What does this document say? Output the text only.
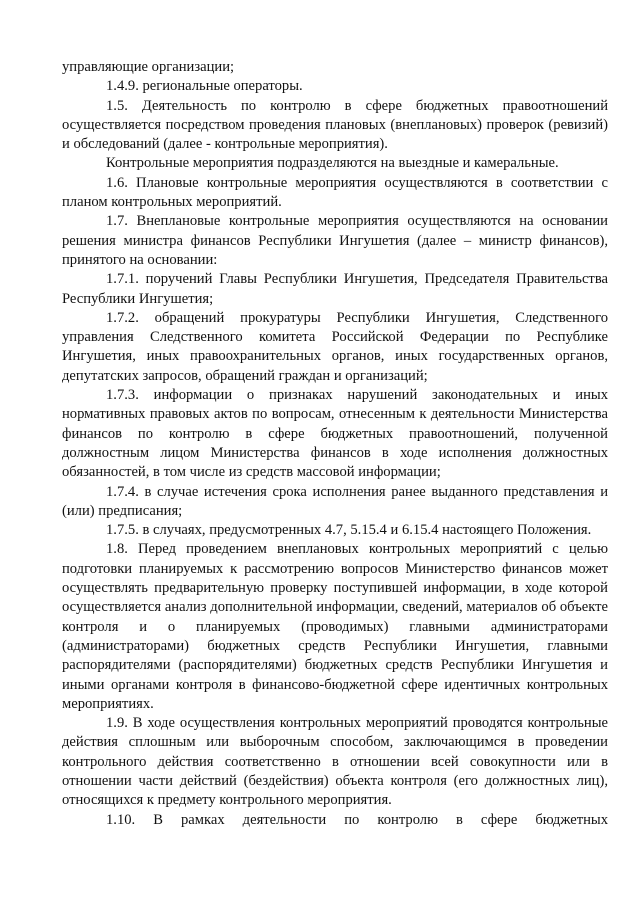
управляющие организации;

1.4.9. региональные операторы.

1.5. Деятельность по контролю в сфере бюджетных правоотношений осуществляется посредством проведения плановых (внеплановых) проверок (ревизий) и обследований (далее - контрольные мероприятия).

Контрольные мероприятия подразделяются на выездные и камеральные.

1.6. Плановые контрольные мероприятия осуществляются в соответствии с планом контрольных мероприятий.

1.7. Внеплановые контрольные мероприятия осуществляются на основании решения министра финансов Республики Ингушетия (далее – министр финансов), принятого на основании:

1.7.1. поручений Главы Республики Ингушетия, Председателя Правительства Республики Ингушетия;

1.7.2. обращений прокуратуры Республики Ингушетия, Следственного управления Следственного комитета Российской Федерации по Республике Ингушетия, иных правоохранительных органов, иных государственных органов, депутатских запросов, обращений граждан и организаций;

1.7.3. информации о признаках нарушений законодательных и иных нормативных правовых актов по вопросам, отнесенным к деятельности Министерства финансов по контролю в сфере бюджетных правоотношений, полученной должностным лицом Министерства финансов в ходе исполнения должностных обязанностей, в том числе из средств массовой информации;

1.7.4. в случае истечения срока исполнения ранее выданного представления и (или) предписания;

1.7.5. в случаях, предусмотренных 4.7, 5.15.4 и 6.15.4 настоящего Положения.

1.8. Перед проведением внеплановых контрольных мероприятий с целью подготовки планируемых к рассмотрению вопросов Министерство финансов может осуществлять предварительную проверку поступившей информации, в ходе которой осуществляется анализ дополнительной информации, сведений, материалов об объекте контроля и о планируемых (проводимых) главными администраторами (администраторами) бюджетных средств Республики Ингушетия, главными распорядителями (распорядителями) бюджетных средств Республики Ингушетия и иными органами контроля в финансово-бюджетной сфере идентичных контрольных мероприятиях.

1.9. В ходе осуществления контрольных мероприятий проводятся контрольные действия сплошным или выборочным способом, заключающимся в проведении контрольного действия соответственно в отношении всей совокупности или в отношении части действий (бездействия) объекта контроля (его должностных лиц), относящихся к предмету контрольного мероприятия.

1.10. В рамках деятельности по контролю в сфере бюджетных
